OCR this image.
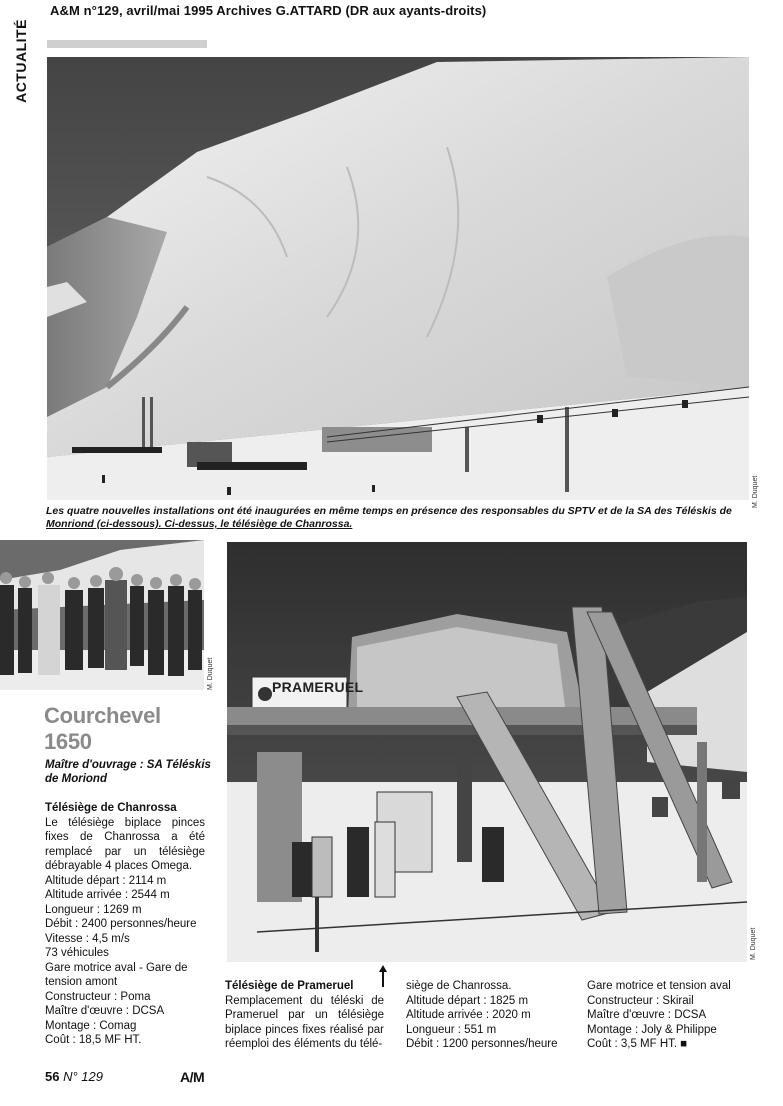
A&M n°129, avril/mai 1995 Archives G.ATTARD (DR aux ayants-droits)
ACTUALITÉ
M. Duquet
Les quatre nouvelles installations ont été inaugurées en même temps en présence des responsables du SPTV et de la SA des Téléskis de Monriond (ci-dessous). Ci-dessus, le télésiège de Chanrossa.
M. Duquet	PRAMERUEL
M. Duquet
Courchevel
1650
Maître d'ouvrage : SA Téléskis de Moriond

Télésiège de Chanrossa

Le télésiège biplace pinces fixes de Chanrossa a été remplacé par un télésiège débrayable 4 places Omega.

Altitude départ : 2114 m

Altitude arrivée : 2544 m

Longueur : 1269 m

Débit : 2400 personnes/heure

Vitesse : 4,5 m/s

73 véhicules

Gare motrice aval - Gare de tension amont

Constructeur : Poma

Maître d'œuvre : DCSA

Montage : Comag

Coût : 18,5 MF HT.

Télésiège de Prameruel

Remplacement du téléski de Prameruel par un télésiège biplace pinces fixes réalisé par réemploi des éléments du télé-

siège de Chanrossa.

Altitude départ : 1825 m

Altitude arrivée : 2020 m

Longueur : 551 m

Débit : 1200 personnes/heure

Gare motrice et tension aval

Constructeur : Skirail

Maître d'œuvre : DCSA

Montage : Joly & Philippe

Coût : 3,5 MF HT. ■

56 N° 129	A/M
